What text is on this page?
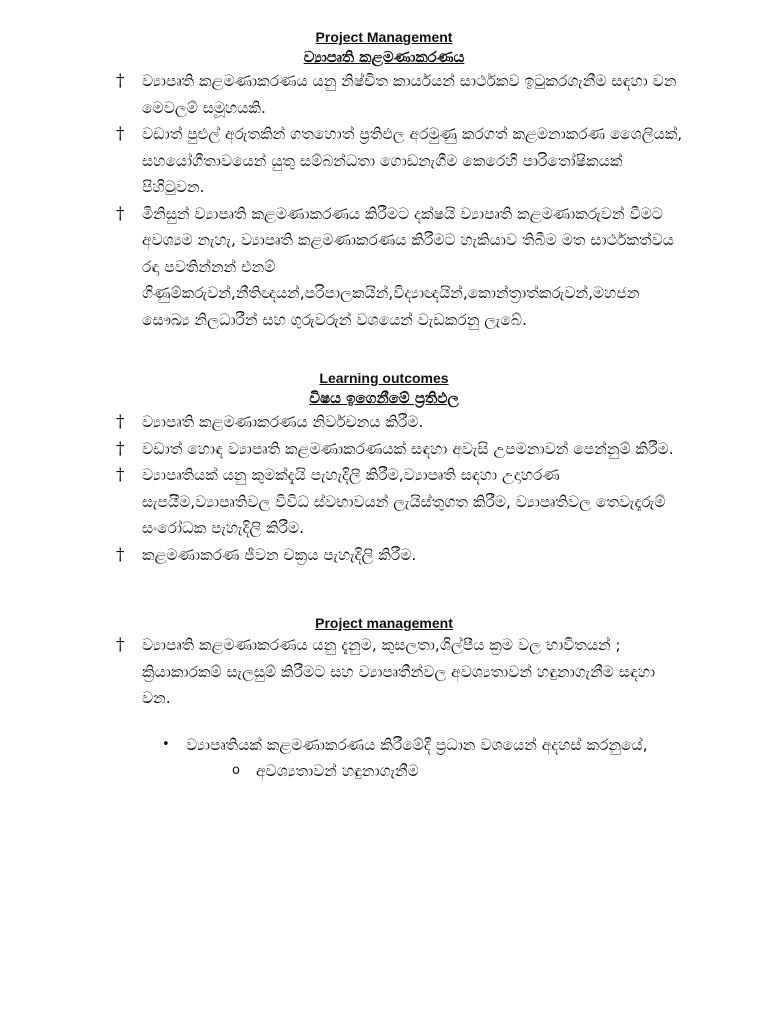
Project Management
ව්‍යාපෘති කළමණාකරණය
† ව්‍යාපෘති කළමණාකරණය යනු නිෂ්චිත කාර්යයන් සාර්ථකව ඉටුකරගැනීම සඳහා වන මෙවලම් සමූහයකි.
† වඩාත් පුළුල් අරුතකින් ගතහොත් ප්‍රතිඵල අරමුණු කරගත් කළමනාකරණ ශෛලියක්, සහයෝගීතාවයෙන් යුතු සම්බන්ධතා ගොඩනැගීම කෙරෙහි පාරිතෝෂිකයක් පිහිටුවන.
† මිනිසුන් ව්‍යාපෘති කළමණාකරණය කිරීමට දක්ෂයි ව්‍යාපෘති කළමණාකරුවන් වීමට අවශ්‍යම නැහැ, ව්‍යාපෘති කළමණාකරණය කිරීමට හැකියාව තිබීම මත සාර්ථකත්වය රඳා පවතින්නන් එනම් ගිණුම්කරුවන්,නීතිඥයන්,පරිපාලකයින්,විද්‍යාඥයින්,කොන්ත්‍රාත්කරුවන්,මහජන සෞඛ්‍ය නිලධාරීන් සහ ගුරුවරුන් වශයෙන් වැඩකරනු ලැබේ.
Learning outcomes
විෂය ඉගෙනීමේ ප්‍රතිඵල
† ව්‍යාපෘති කළමණාකරණය නිර්වචනය කිරීම.
† වඩාත් හොඳ ව්‍යාපෘති කළමණාකරණයක් සඳහා අවැසි උපමනාවන් පෙන්නුම් කිරීම.
† ව්‍යාපෘතියක් යනු කුමක්දැයි පැහැදිලි කිරීම,ව්‍යාපෘති සඳහා උදාහරණ සැපයීම,ව්‍යාපෘතිවල විවිධ ස්වභාවයන් ලැයිස්තුගත කිරීම, ව්‍යාපෘතිවල තෙවැදෑරුම් සංරෝධක පැහැදිලි කිරීම.
† කළමණාකරණ ජීවන චක්‍රය පැහැදිලි කිරීම.
Project management
† ව්‍යාපෘති කළමණාකරණය යනු දැනුම, කුසලතා,ශිල්පීය ක්‍රම වල භාවිතයන් ; ක්‍රියාකාරකම් සැලසුම් කිරීමට සහ ව්‍යාපෘතීන්වල අවශ්‍යතාවන් හඳුනාගැනීම සඳහා වන.
• ව්‍යාපෘතියක් කළමණාකරණය කිරීමේදී ප්‍රධාන වශයෙන් අදහස් කරනුයේ,
o අවශ්‍යතාවන් හඳුනාගැනීම
